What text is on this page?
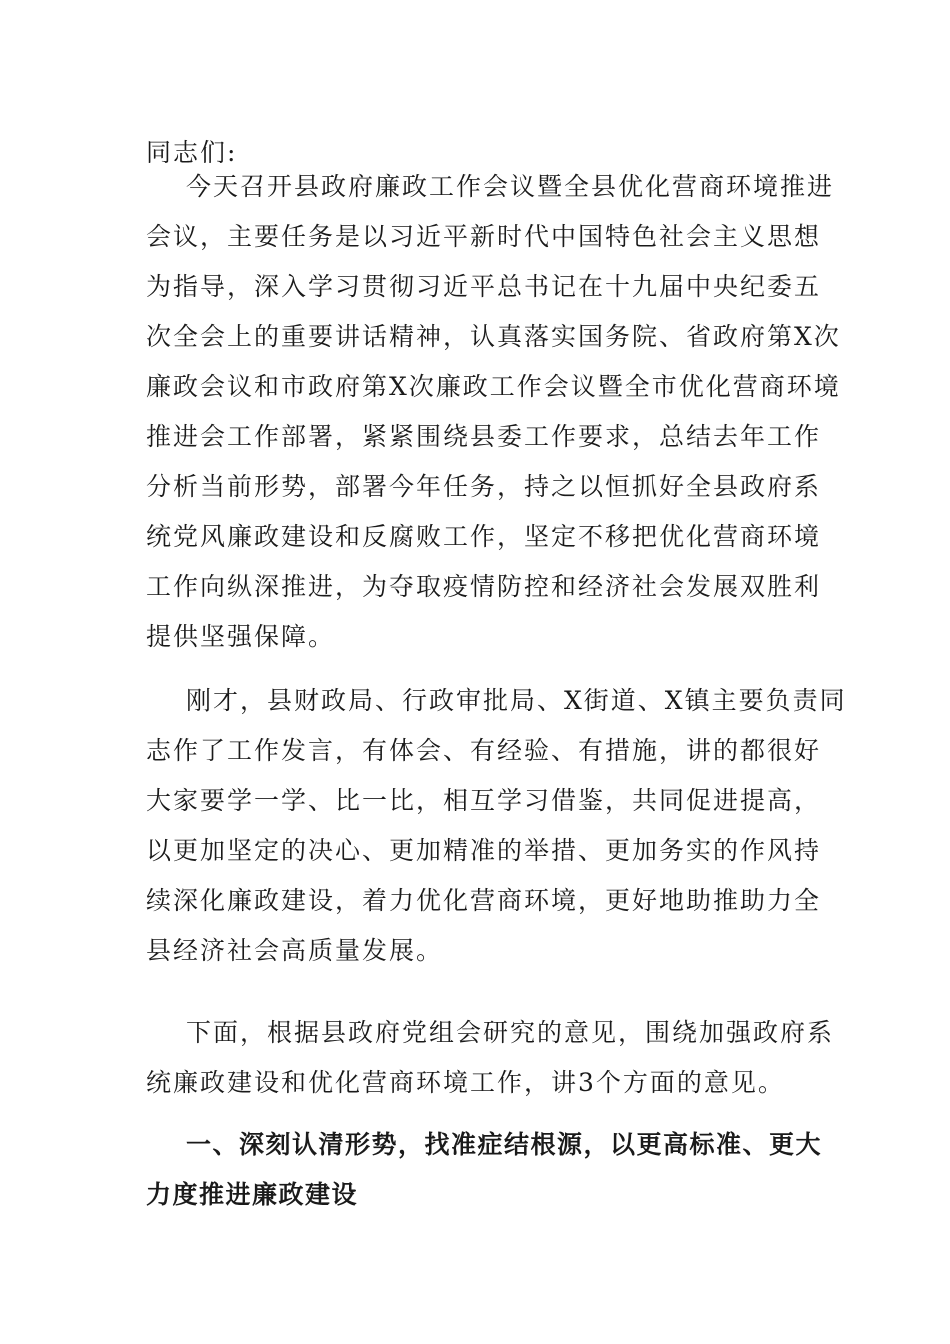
同志们:
今天召开县政府廉政工作会议暨全县优化营商环境推进
会议，主要任务是以习近平新时代中国特色社会主义思想
为指导，深入学习贯彻习近平总书记在十九届中央纪委五
次全会上的重要讲话精神，认真落实国务院、省政府第X次
廉政会议和市政府第X次廉政工作会议暨全市优化营商环境
推进会工作部署，紧紧围绕县委工作要求，总结去年工作
分析当前形势，部署今年任务，持之以恒抓好全县政府系
统党风廉政建设和反腐败工作，坚定不移把优化营商环境
工作向纵深推进，为夺取疫情防控和经济社会发展双胜利
提供坚强保障。
刚才，县财政局、行政审批局、X街道、X镇主要负责同
志作了工作发言，有体会、有经验、有措施，讲的都很好
大家要学一学、比一比，相互学习借鉴，共同促进提高，
以更加坚定的决心、更加精准的举措、更加务实的作风持
续深化廉政建设，着力优化营商环境，更好地助推助力全
县经济社会高质量发展。
下面，根据县政府党组会研究的意见，围绕加强政府系
统廉政建设和优化营商环境工作，讲3个方面的意见。
一、深刻认清形势，找准症结根源，以更高标准、更大
力度推进廉政建设
